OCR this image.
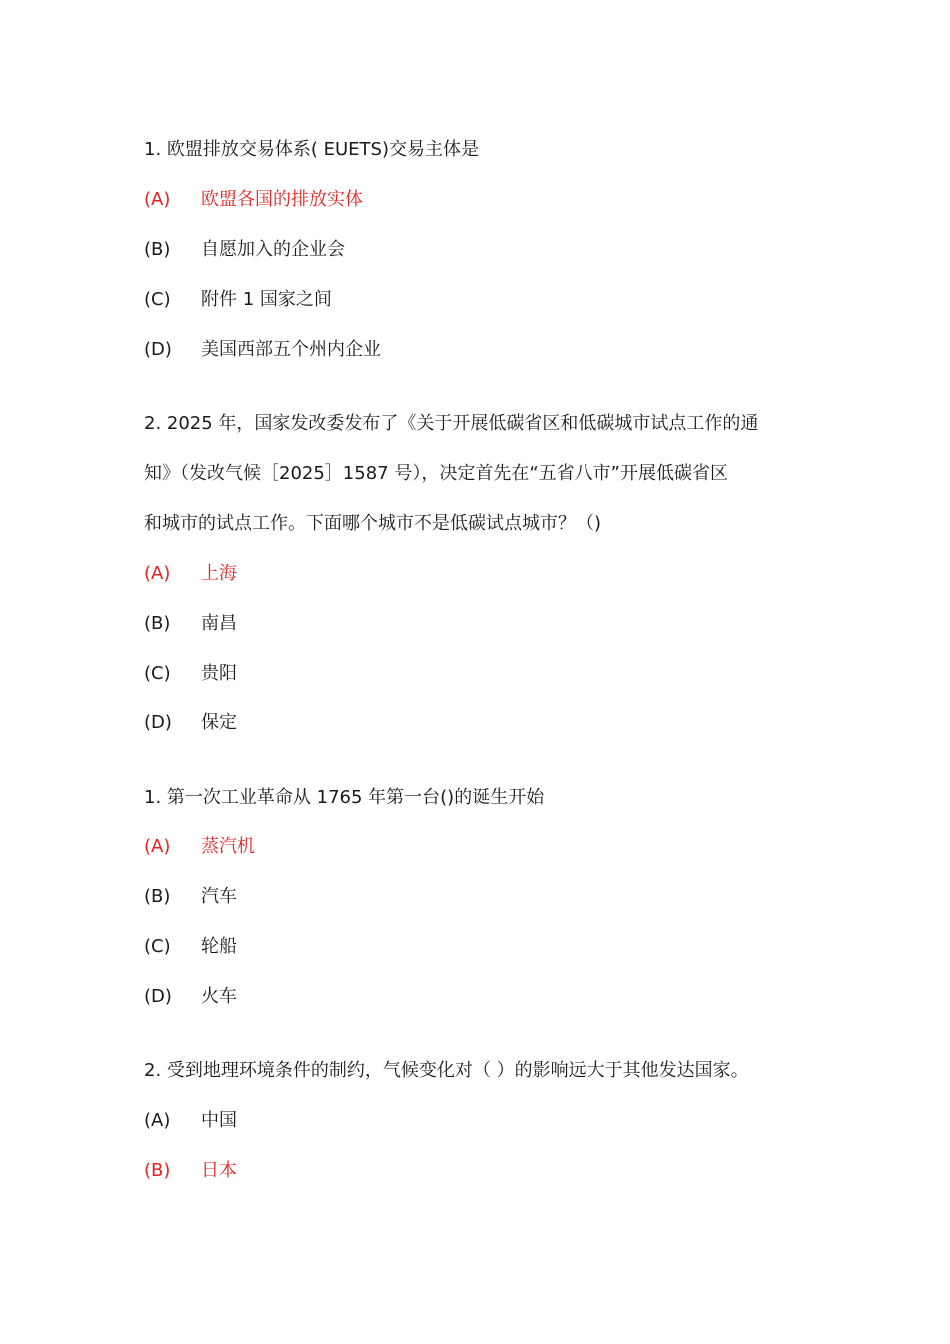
1. 欧盟排放交易体系( EUETS)交易主体是
(A) 欧盟各国的排放实体
(B) 自愿加入的企业会
(C) 附件 1 国家之间
(D) 美国西部五个州内企业
2. 2025 年，国家发改委发布了《关于开展低碳省区和低碳城市试点工作的通
知》（发改气候［2025］1587 号），决定首先在“五省八市”开展低碳省区
和城市的试点工作。下面哪个城市不是低碳试点城市？（)
(A) 上海
(B) 南昌
(C) 贵阳
(D) 保定
1. 第一次工业革命从 1765 年第一台()的诞生开始
(A) 蒸汽机
(B) 汽车
(C) 轮船
(D) 火车
2. 受到地理环境条件的制约，气候变化对（ ）的影响远大于其他发达国家。
(A) 中国
(B) 日本
